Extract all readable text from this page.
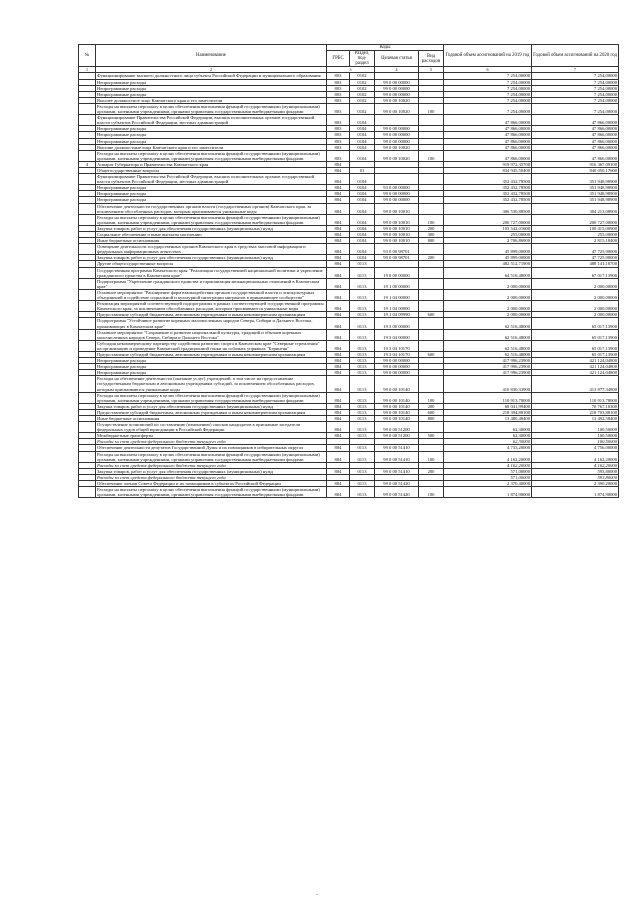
№	Наименование	Коды				Годовой объем ассигнований на 2019 год	Годовой объем ассигнований на 2020 год
		ГРБС	Раздел, под-раздел	Целевая статья	Вид расходов		
1	2	3		4	5	6	7
	Функционирование высшего должностного лица субъекта Российской Федерации и муниципального образования	803	0102			7 254,00000	7 254,00000
	Непрограммные расходы	803	0102	99 0 00 00000		7 254,00000	7 254,00000
	Непрограммные расходы	803	0102	99 0 00 00000		7 254,00000	7 254,00000
	Непрограммные расходы	803	0102	99 0 00 00000		7 254,00000	7 254,00000
	Высшее должностное лицо Камчатского края и его заместители	803	0102	99 0 00 10020		7 254,00000	7 254,00000
	Расходы на выплаты персоналу в целях обеспечения выполнения функций государственными (муниципальными) органами, казенными учреждениями, органами управления государственными внебюджетными фондами	803	0102	99 0 00 10020	100	7 254,00000	7 254,00000
	Функционирование Правительства Российской Федерации, высших исполнительных органов государственной власти субъектов Российской Федерации, местных администраций	803	0104			47 866,00000	47 866,00000
	Непрограммные расходы	803	0104	99 0 00 00000		47 866,00000	47 866,00000
	Непрограммные расходы	803	0104	99 0 00 00000		47 866,00000	47 866,00000
	Непрограммные расходы	803	0104	99 0 00 00000		47 866,00000	47 866,00000
	Высшие должностные лица Камчатского края и его заместители	803	0104	99 0 00 10020		47 866,00000	47 866,00000
	Расходы на выплаты персоналу в целях обеспечения выполнения функций государственными (муниципальными) органами, казенными учреждениями, органами управления государственными внебюджетными фондами	803	0104	99 0 00 10020	100	47 866,00000	47 866,00000
4	Аппарат Губернатора и Правительства Камчатского края	804				919 972,35700	916 367,09100
	Общегосударственные вопросы	804	01			834 945,50400	840 050,17600
	Функционирование Правительства Российской Федерации, высших исполнительных органов государственной власти субъектов Российской Федерации, местных администраций	804	0104			352 432,78500	351 948,98900
	Непрограммные расходы	804	0104	93 0 00 00000		352 432,78500	351 948,98900
	Непрограммные расходы	804	0104	99 0 00 00000		352 432,78500	351 948,98900
	Непрограммные расходы	804	0104	99 0 00 00000		352 432,78500	351 948,98900
	Обеспечение деятельности государственных органов власти (государственных органов) Камчатского края, за исключением обособленных расходов, которым присваиваются уникальные коды	804	0104	99 0 00 10010		306 530,88500	304 213,08900
	Расходы на выплаты персоналу в целях обеспечения выполнения функций государственными (муниципальными) органами, казенными учреждениями, органами управления государственными внебюджетными фондами	804	0104	99 0 00 10010	100	200 727,00000	200 727,00000
	Закупка товаров, работ и услуг для обеспечения государственных (муниципальных) нужд	804	0104	99 0 00 10010	200	103 542,01600	100 415,00900
	Социальное обеспечение и иные выплаты населению	804	0104	99 0 00 10010	300	255,00000	255,00000
	Иные бюджетные ассигнования	804	0104	99 0 00 10010	800	2 706,86900	2 815,18400
	Освещение деятельности государственных органов Камчатского края в средствах массовой информации и федеральных информационных агентствах	804	0104	93 0 00 98701		45 899,00000	47 725,90000
	Закупка товаров, работ и услуг для обеспечения государственных (муниципальных) нужд	804	0104	99 0 00 98701	200	45 899,00000	47 725,90000
	Другие общегосударственные вопросы	804	0113			482 512,71900	488 141,18700
	Государственная программа Камчатского края "Реализация государственной национальной политики и укрепление гражданского единства в Камчатском крае"	804	0113	19 0 00 00000		64 516,48000	67 017,13900
	Подпрограмма "Укрепление гражданского единства и гармонизация межнациональных отношений в Камчатском крае"	804	0113	19 1 00 00000		2 000,00000	2 000,00000
	Основное мероприятие "Расширение форм взаимодействия органов государственной власти и этнокультурных объединений и содействие социальной и культурной интеграции мигрантов в принимающее сообщество"	804	0113	19 1 04 00000		2 000,00000	2 000,00000
	Реализация мероприятий соответствующей подпрограммы в рамках соответствующей государственной программы Камчатского края, за исключением обособленных расходов, которым присваиваются уникальные коды	804	0113	19 1 04 00000		2 000,00000	2 000,00000
	Предоставление субсидий бюджетным, автономным учреждениям и иным некоммерческим организациям	804	0113	19 1 04 09990	600	2 000,00000	2 000,00000
	Подпрограмма "Устойчивое развитие коренных малочисленных народов Севера, Сибири и Дальнего Востока, проживающих в Камчатском крае"	804	0113	19 3 00 00000		62 516,48000	65 017,13900
	Основное мероприятие "Сохранение и развитие национальной культуры, традиций и обычаев коренных малочисленных народов Севера, Сибири и Дальнего Востока"	804	0113	19 3 04 00000		62 516,48000	65 017,13900
	Субсидия некоммерческому партнерству содействия развитию спорта в Камчатском крае "Северные стремления" на организацию и проведение Камчатской традиционной гонки на собачьих упряжках "Берингия"	804	0113	19 3 04 10170		62 516,48000	65 017,13900
	Предоставление субсидий бюджетным, автономным учреждениям и иным некоммерческим организациям	804	0113	19 3 04 10170	600	62 516,48000	65 017,13900
	Непрограммные расходы	804	0113	99 0 00 00000		417 996,23900	421 124,04800
	Непрограммные расходы	804	0113	99 0 00 00000		417 996,23900	421 124,04800
	Непрограммные расходы	804	0113	99 0 00 00000		417 996,23900	421 124,04800
	Расходы на обеспечение деятельности (оказание услуг) учреждений, в том числе на предоставление государственным бюджетным и автономным учреждениям субсидий, за исключением обособленных расходов, которым присваиваются уникальные коды	804	0113	99 0 00 10140		410 830,33900	413 877,34800
	Расходы на выплаты персоналу в целях обеспечения выполнения функций государственными (муниципальными) органами, казенными учреждениями, органами управления государственными внебюджетными фондами	804	0113	99 0 00 10140	100	110 913,78000	110 913,78000
	Закупка товаров, работ и услуг для обеспечения государственных (муниципальных) нужд	804	0113	99 0 00 10140	200	68 041,99400	70 767,10300
	Предоставление субсидий бюджетным, автономным учреждениям и иным некоммерческим организациям	804	0113	99 0 00 10140	600	218 394,88100	218 703,88100
	Иные бюджетные ассигнования	804	0113	99 0 00 10140	800	13 480,48400	13 492,58400
	Осуществление полномочий по составлению (изменению) списков кандидатов в присяжные заседатели федеральных судов общей юрисдикции в Российской Федерации	804	0113	99 0 00 51200		62,30000	100,50000
	Межбюджетные трансферты	804	0113	99 0 00 51200	500	62,30000	100,50000
	Расходы за счет средств федерального бюджета текущего года					62,30000	100,50000
	Обеспечение деятельности депутатов Государственной Думы и их помощников в избирательных округах	804	0113	99 0 00 51410		4 733,20000	4 756,00000
	Расходы на выплаты персоналу в целях обеспечения выполнения функций государственными (муниципальными) органами, казенными учреждениями, органами управления государственными внебюджетными фондами	804	0113	99 0 00 51410	100	4 162,20000	4 162,20000
	Расходы за счет средств федерального бюджета текущего года					4 162,20000	4 162,20000
	Закупка товаров, работ и услуг для обеспечения государственных (муниципальных) нужд	804	0113	99 0 00 51410	200	571,00000	593,80000
	Расходы за счет средств федерального бюджета текущего года					571,00000	593,80000
	Обеспечение членов Совета Федерации и их помощников в субъектах Российской Федерации	804	0113	99 0 00 51420		2 370,40000	2 390,20000
	Расходы на выплаты персоналу в целях обеспечения выполнения функций государственными (муниципальными) органами, казенными учреждениями, органами управления государственными внебюджетными фондами	804	0113	99 0 00 51420	100	1 874,90000	1 874,90000
-
